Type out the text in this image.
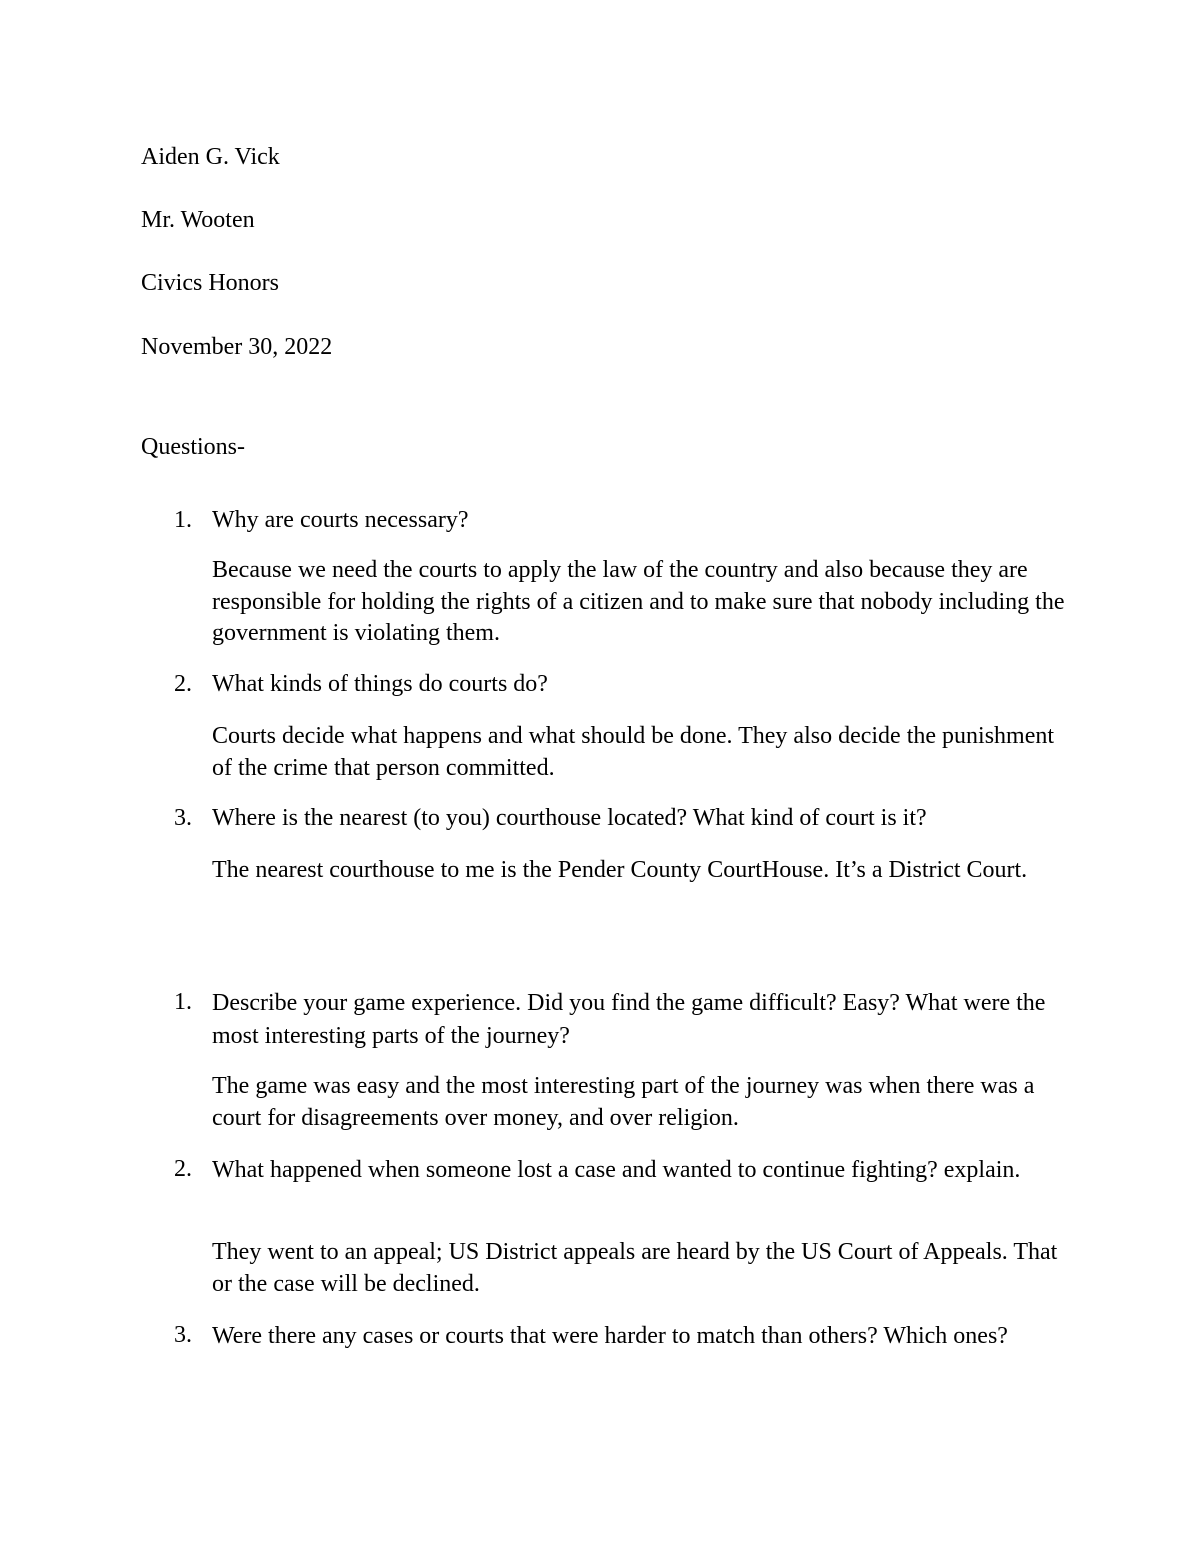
Aiden G. Vick
Mr. Wooten
Civics Honors
November 30, 2022
Questions-
1. Why are courts necessary?
Because we need the courts to apply the law of the country and also because they are responsible for holding the rights of a citizen and to make sure that nobody including the government is violating them.
2. What kinds of things do courts do?
Courts decide what happens and what should be done. They also decide the punishment of the crime that person committed.
3. Where is the nearest (to you) courthouse located? What kind of court is it?
The nearest courthouse to me is the Pender County CourtHouse. It’s a District Court.
1. Describe your game experience. Did you find the game difficult? Easy? What were the most interesting parts of the journey?
The game was easy and the most interesting part of the journey was when there was a court for disagreements over money, and over religion.
2. What happened when someone lost a case and wanted to continue fighting? explain.
They went to an appeal; US District appeals are heard by the US Court of Appeals. That or the case will be declined.
3. Were there any cases or courts that were harder to match than others? Which ones?
